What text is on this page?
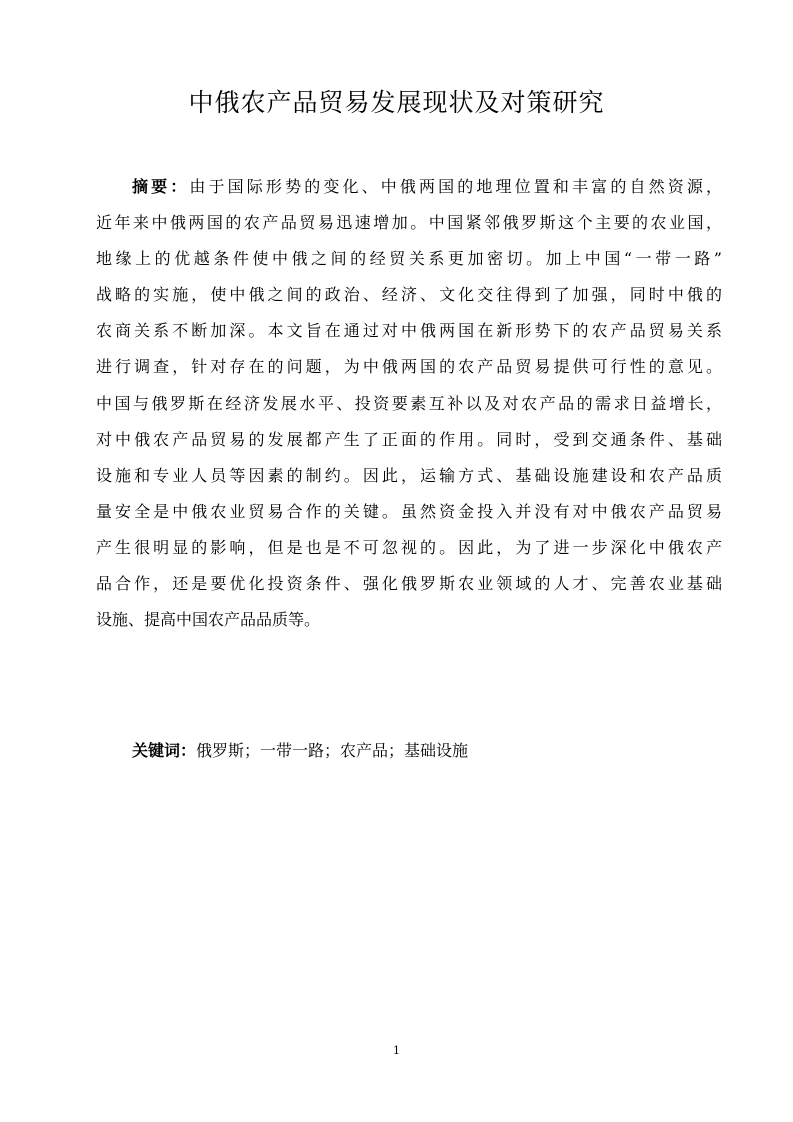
中俄农产品贸易发展现状及对策研究
摘要：由于国际形势的变化、中俄两国的地理位置和丰富的自然资源，
近年来中俄两国的农产品贸易迅速增加。中国紧邻俄罗斯这个主要的农业国，
地缘上的优越条件使中俄之间的经贸关系更加密切。加上中国“一带一路”
战略的实施，使中俄之间的政治、经济、文化交往得到了加强，同时中俄的
农商关系不断加深。本文旨在通过对中俄两国在新形势下的农产品贸易关系
进行调查，针对存在的问题，为中俄两国的农产品贸易提供可行性的意见。
中国与俄罗斯在经济发展水平、投资要素互补以及对农产品的需求日益增长，
对中俄农产品贸易的发展都产生了正面的作用。同时，受到交通条件、基础
设施和专业人员等因素的制约。因此，运输方式、基础设施建设和农产品质
量安全是中俄农业贸易合作的关键。虽然资金投入并没有对中俄农产品贸易
产生很明显的影响，但是也是不可忽视的。因此，为了进一步深化中俄农产
品合作，还是要优化投资条件、强化俄罗斯农业领域的人才、完善农业基础
设施、提高中国农产品品质等。
关键词：俄罗斯；一带一路；农产品；基础设施
1
